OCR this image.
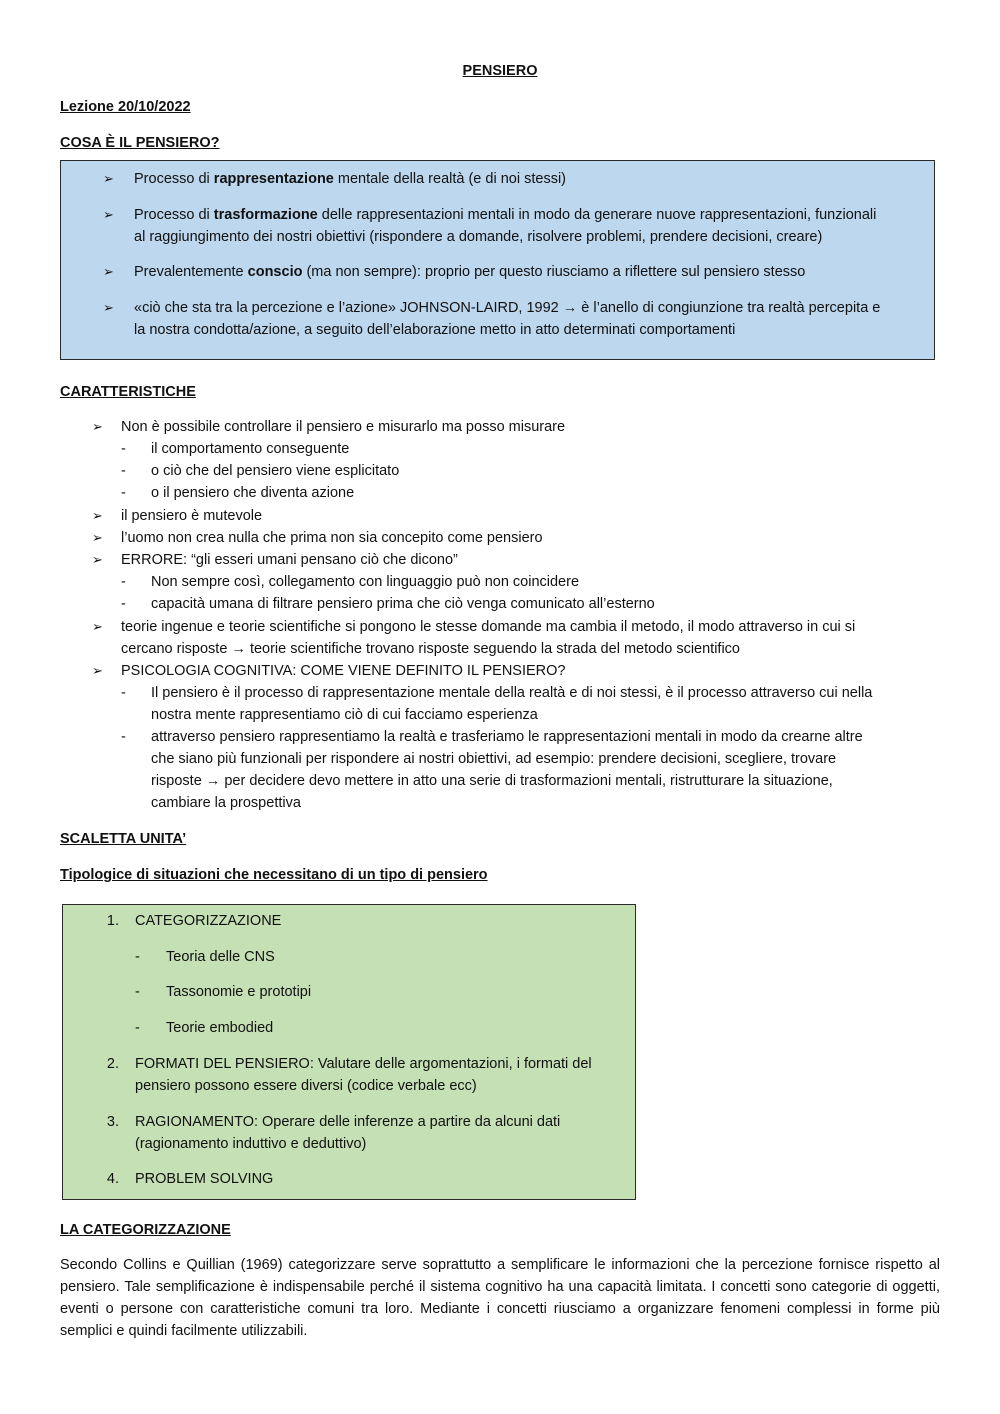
PENSIERO
Lezione 20/10/2022
COSA È IL PENSIERO?
➢ Processo di rappresentazione mentale della realtà (e di noi stessi)
➢ Processo di trasformazione delle rappresentazioni mentali in modo da generare nuove rappresentazioni, funzionali
al raggiungimento dei nostri obiettivi (rispondere a domande, risolvere problemi, prendere decisioni, creare)
➢ Prevalentemente conscio (ma non sempre): proprio per questo riusciamo a riflettere sul pensiero stesso
➢ «ciò che sta tra la percezione e l’azione» JOHNSON-LAIRD, 1992 → è l’anello di congiunzione tra realtà percepita e
la nostra condotta/azione, a seguito dell’elaborazione metto in atto determinati comportamenti
CARATTERISTICHE
➢ Non è possibile controllare il pensiero e misurarlo ma posso misurare
- il comportamento conseguente
- o ciò che del pensiero viene esplicitato
- o il pensiero che diventa azione
➢ il pensiero è mutevole
➢ l’uomo non crea nulla che prima non sia concepito come pensiero
➢ ERRORE: “gli esseri umani pensano ciò che dicono”
- Non sempre così, collegamento con linguaggio può non coincidere
- capacità umana di filtrare pensiero prima che ciò venga comunicato all’esterno
➢ teorie ingenue e teorie scientifiche si pongono le stesse domande ma cambia il metodo, il modo attraverso in cui si
cercano risposte → teorie scientifiche trovano risposte seguendo la strada del metodo scientifico
➢ PSICOLOGIA COGNITIVA: COME VIENE DEFINITO IL PENSIERO?
- Il pensiero è il processo di rappresentazione mentale della realtà e di noi stessi, è il processo attraverso cui nella
nostra mente rappresentiamo ciò di cui facciamo esperienza
- attraverso pensiero rappresentiamo la realtà e trasferiamo le rappresentazioni mentali in modo da crearne altre
che siano più funzionali per rispondere ai nostri obiettivi, ad esempio: prendere decisioni, scegliere, trovare
risposte → per decidere devo mettere in atto una serie di trasformazioni mentali, ristrutturare la situazione,
cambiare la prospettiva
SCALETTA UNITA’
Tipologice di situazioni che necessitano di un tipo di pensiero
1. CATEGORIZZAZIONE
- Teoria delle CNS
- Tassonomie e prototipi
- Teorie embodied
2. FORMATI DEL PENSIERO: Valutare delle argomentazioni, i formati del
pensiero possono essere diversi (codice verbale ecc)
3. RAGIONAMENTO: Operare delle inferenze a partire da alcuni dati
(ragionamento induttivo e deduttivo)
4. PROBLEM SOLVING
LA CATEGORIZZAZIONE
Secondo Collins e Quillian (1969) categorizzare serve soprattutto a semplificare le informazioni che la percezione fornisce rispetto al pensiero. Tale semplificazione è indispensabile perché il sistema cognitivo ha una capacità limitata. I concetti sono categorie di oggetti, eventi o persone con caratteristiche comuni tra loro. Mediante i concetti riusciamo a organizzare fenomeni complessi in forme più semplici e quindi facilmente utilizzabili.
